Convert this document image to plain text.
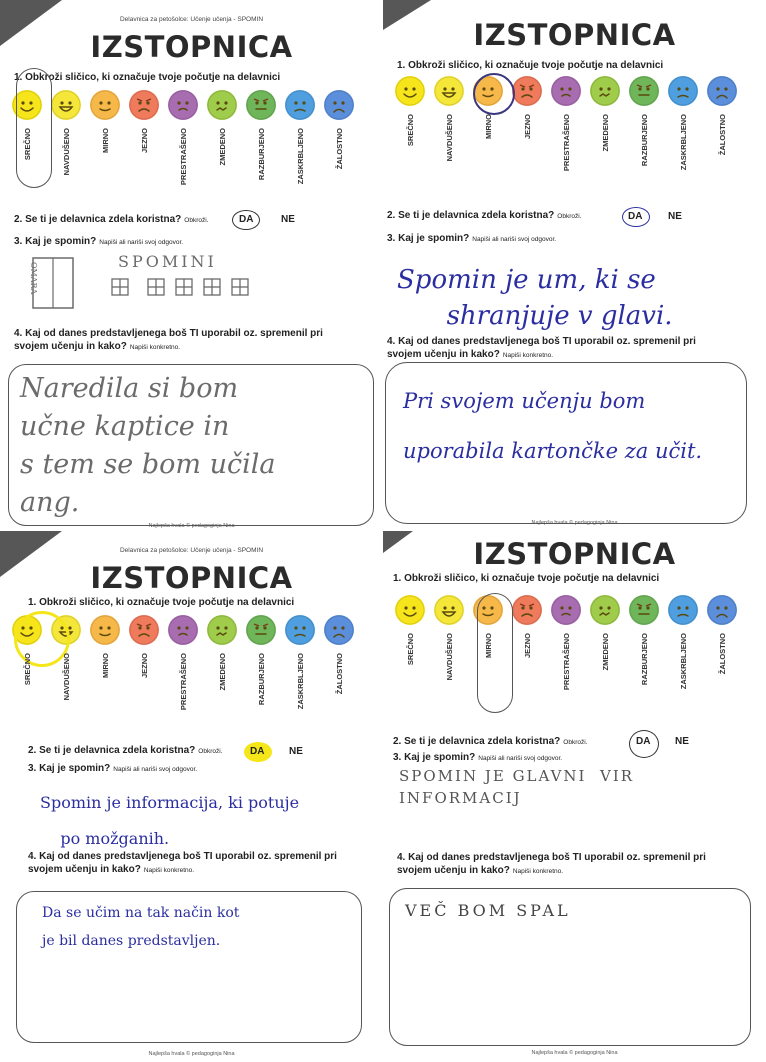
Delavnica za petošolce: Učenje učenja - SPOMIN
IZSTOPNICA
1. Obkroži sličico, ki označuje tvoje počutje na delavnici
2. Se ti je delavnica zdela koristna? Obkroži.	DA	NE
3. Kaj je spomin? Napiši ali nariši svoj odgovor.
OMARA
SPOMINI
4. Kaj od danes predstavljenega boš TI uporabil oz. spremenil pri
svojem učenju in kako? Napiši konkretno.
Naredila si bom
učne kaptice in
s tem se bom učila
ang.
Najlepša hvala © pedagoginja Nina
SREČNO	NAVDUŠENO	MIRNO	JEZNO	PRESTRAŠENO	ZMEDENO	RAZBURJENO	ZASKRBLJENO	ŽALOSTNO
IZSTOPNICA
1. Obkroži sličico, ki označuje tvoje počutje na delavnici
2. Se ti je delavnica zdela koristna? Obkroži.	DA	NE
3. Kaj je spomin? Napiši ali nariši svoj odgovor.
Spomin je um, ki se
shranjuje v glavi.
4. Kaj od danes predstavljenega boš TI uporabil oz. spremenil pri
svojem učenju in kako? Napiši konkretno.
Pri svojem učenju bom
uporabila kartončke za učit.
Najlepša hvala © pedagoginja Nina
SREČNO	NAVDUŠENO	MIRNO	JEZNO	PRESTRAŠENO	ZMEDENO	RAZBURJENO	ZASKRBLJENO	ŽALOSTNO
Delavnica za petošolce: Učenje učenja - SPOMIN
IZSTOPNICA
1. Obkroži sličico, ki označuje tvoje počutje na delavnici
2. Se ti je delavnica zdela koristna? Obkroži.	DA NE
3. Kaj je spomin? Napiši ali nariši svoj odgovor.
Spomin je informacija, ki potuje
po možganih.
4. Kaj od danes predstavljenega boš TI uporabil oz. spremenil pri
svojem učenju in kako? Napiši konkretno.
Da se učim na tak način kot
je bil danes predstavljen.
Najlepša hvala © pedagoginja Nina
SREČNO	NAVDUŠENO	MIRNO	JEZNO	PRESTRAŠENO	ZMEDENO	RAZBURJENO	ZASKRBLJENO	ŽALOSTNO
IZSTOPNICA
1. Obkroži sličico, ki označuje tvoje počutje na delavnici
2. Se ti je delavnica zdela koristna? Obkroži.	DA NE
3. Kaj je spomin? Napiši ali nariši svoj odgovor.
SPOMIN JE GLAVNI  VIR
INFORMACIJ
4. Kaj od danes predstavljenega boš TI uporabil oz. spremenil pri
svojem učenju in kako? Napiši konkretno.
VEČ BOM SPAL
Najlepša hvala © pedagoginja Nina
SREČNO	NAVDUŠENO	MIRNO	JEZNO	PRESTRAŠENO	ZMEDENO	RAZBURJENO	ZASKRBLJENO	ŽALOSTNO
